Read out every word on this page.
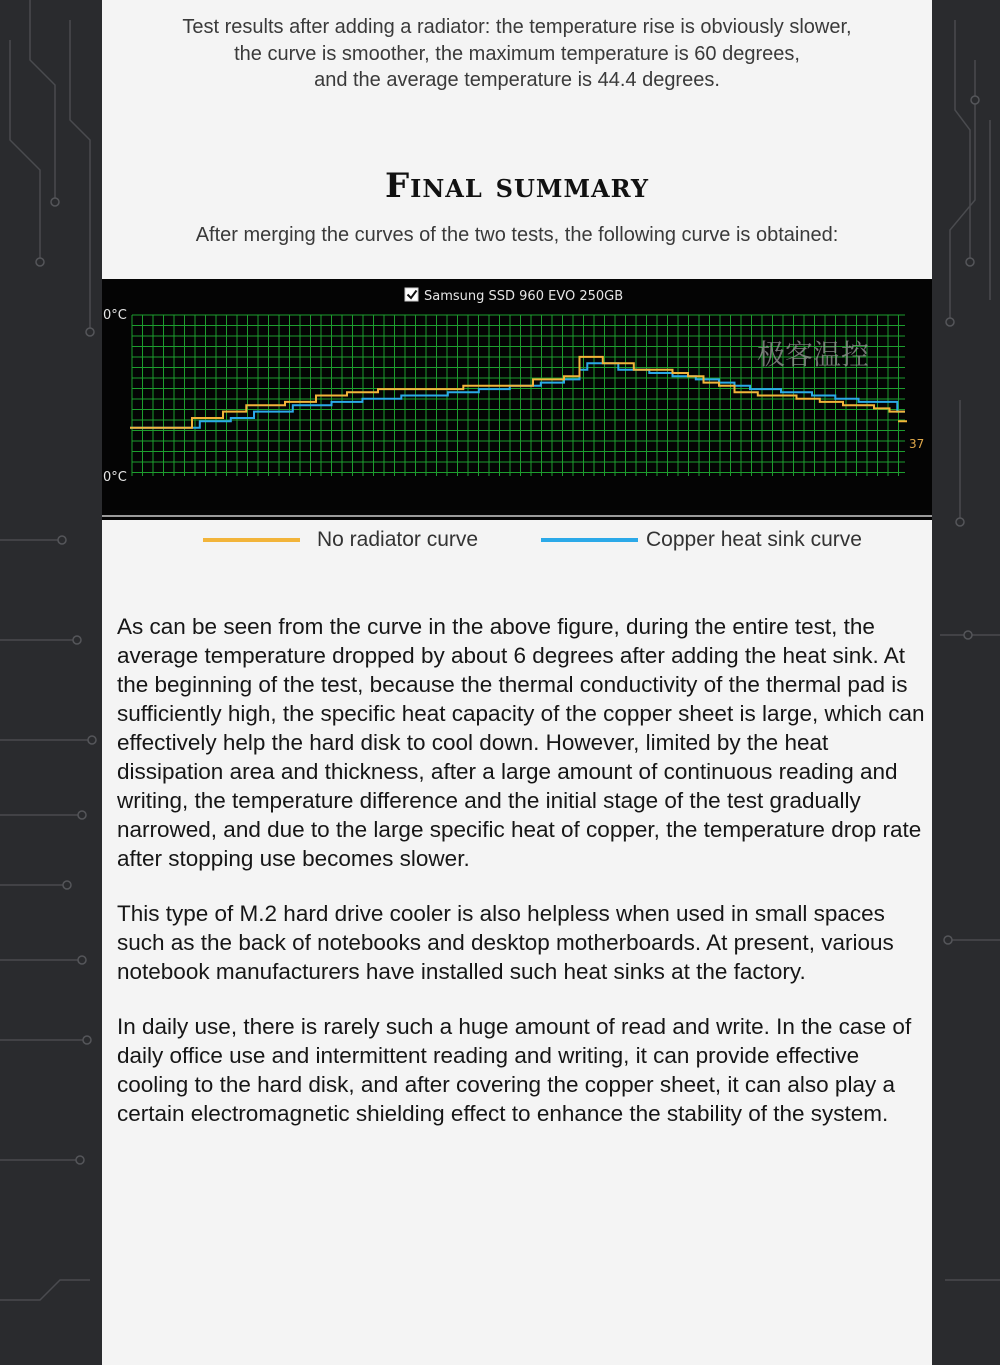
Test results after adding a radiator: the temperature rise is obviously slower,
the curve is smoother, the maximum temperature is 60 degrees,
and the average temperature is 44.4 degrees.
Final summary
After merging the curves of the two tests, the following curve is obtained:
Samsung SSD 960 EVO 250GB
0°C
0°C
极客温控
37
No radiator curve	Copper heat sink curve

As can be seen from the curve in the above figure, during the entire test, the average temperature dropped by about 6 degrees after adding the heat sink. At the beginning of the test, because the thermal conductivity of the thermal pad is sufficiently high, the specific heat capacity of the copper sheet is large, which can effectively help the hard disk to cool down. However, limited by the heat dissipation area and thickness, after a large amount of continuous reading and writing, the temperature difference and the initial stage of the test gradually narrowed, and due to the large specific heat of copper, the temperature drop rate after stopping use becomes slower.

This type of M.2 hard drive cooler is also helpless when used in small spaces such as the back of notebooks and desktop motherboards. At present, various notebook manufacturers have installed such heat sinks at the factory.

In daily use, there is rarely such a huge amount of read and write. In the case of daily office use and intermittent reading and writing, it can provide effective cooling to the hard disk, and after covering the copper sheet, it can also play a certain electromagnetic shielding effect to enhance the stability of the system.
